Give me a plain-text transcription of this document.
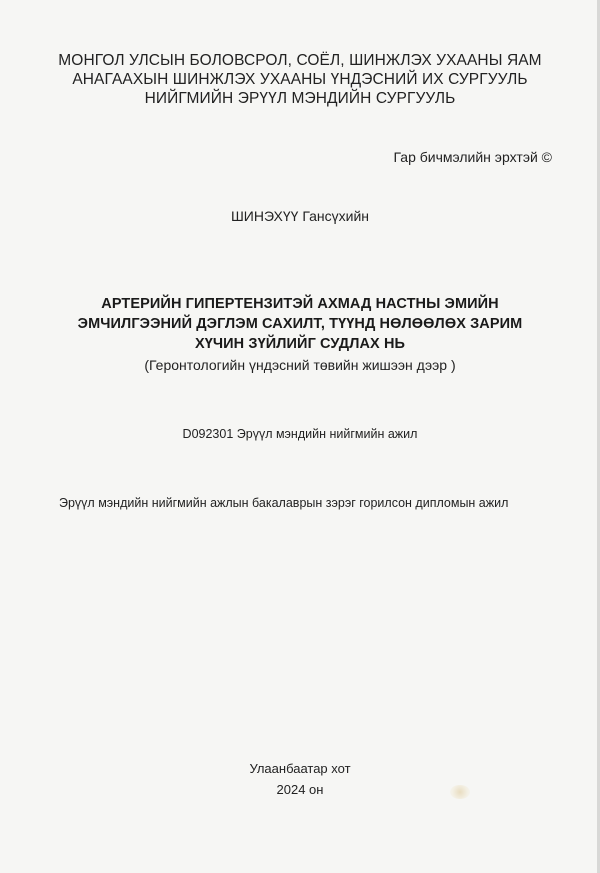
МОНГОЛ УЛСЫН БОЛОВСРОЛ, СОЁЛ, ШИНЖЛЭХ УХААНЫ ЯАМ
АНАГААХЫН ШИНЖЛЭХ УХААНЫ ҮНДЭСНИЙ ИХ СУРГУУЛЬ
НИЙГМИЙН ЭРҮҮЛ МЭНДИЙН СУРГУУЛЬ
Гар бичмэлийн эрхтэй ©
ШИНЭХҮҮ Гансүхийн
АРТЕРИЙН ГИПЕРТЕНЗИТЭЙ АХМАД НАСТНЫ ЭМИЙН
ЭМЧИЛГЭЭНИЙ ДЭГЛЭМ САХИЛТ, ТҮҮНД НӨЛӨӨЛӨХ ЗАРИМ
ХҮЧИН ЗҮЙЛИЙГ СУДЛАХ НЬ
(Геронтологийн үндэсний төвийн жишээн дээр )
D092301 Эрүүл мэндийн нийгмийн ажил
Эрүүл мэндийн нийгмийн ажлын бакалаврын зэрэг горилсон дипломын ажил
Улаанбаатар хот
2024 он
